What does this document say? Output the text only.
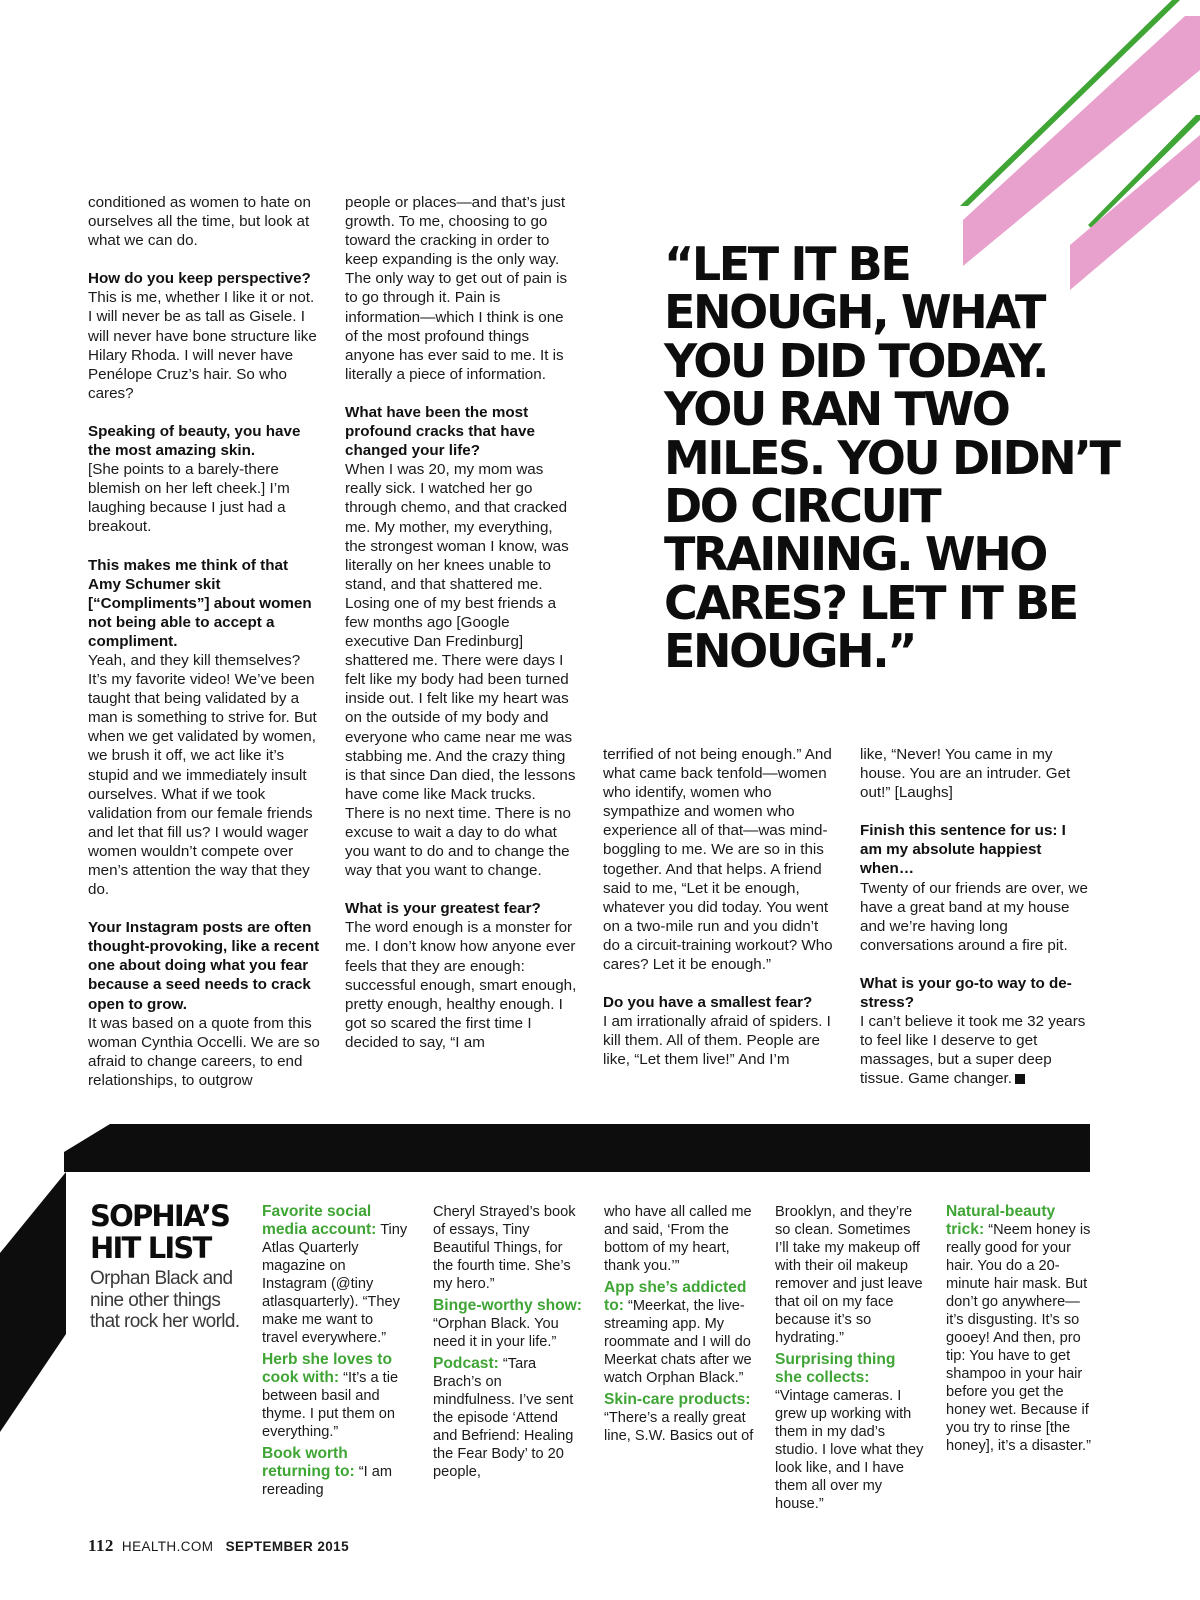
conditioned as women to hate on ourselves all the time, but look at what we can do.

How do you keep perspective?
This is me, whether I like it or not. I will never be as tall as Gisele. I will never have bone structure like Hilary Rhoda. I will never have Penélope Cruz’s hair. So who cares?

Speaking of beauty, you have the most amazing skin.
[She points to a barely-there blemish on her left cheek.] I’m laughing because I just had a breakout.

This makes me think of that Amy Schumer skit [“Compliments”] about women not being able to accept a compliment.
Yeah, and they kill themselves? It’s my favorite video! We’ve been taught that being validated by a man is something to strive for. But when we get validated by women, we brush it off, we act like it’s stupid and we immediately insult ourselves. What if we took validation from our female friends and let that fill us? I would wager women wouldn’t compete over men’s attention the way that they do.

Your Instagram posts are often thought-provoking, like a recent one about doing what you fear because a seed needs to crack open to grow.
It was based on a quote from this woman Cynthia Occelli. We are so afraid to change careers, to end relationships, to outgrow

people or places—and that’s just growth. To me, choosing to go toward the cracking in order to keep expanding is the only way. The only way to get out of pain is to go through it. Pain is information—which I think is one of the most profound things anyone has ever said to me. It is literally a piece of information.

What have been the most profound cracks that have changed your life?
When I was 20, my mom was really sick. I watched her go through chemo, and that cracked me. My mother, my everything, the strongest woman I know, was literally on her knees unable to stand, and that shattered me. Losing one of my best friends a few months ago [Google executive Dan Fredinburg] shattered me. There were days I felt like my body had been turned inside out. I felt like my heart was on the outside of my body and everyone who came near me was stabbing me. And the crazy thing is that since Dan died, the lessons have come like Mack trucks. There is no next time. There is no excuse to wait a day to do what you want to do and to change the way that you want to change.

What is your greatest fear?
The word enough is a monster for me. I don’t know how anyone ever feels that they are enough: successful enough, smart enough, pretty enough, healthy enough. I got so scared the first time I decided to say, “I am

terrified of not being enough.” And what came back tenfold—women who identify, women who sympathize and women who experience all of that—was mind-boggling to me. We are so in this together. And that helps. A friend said to me, “Let it be enough, whatever you did today. You went on a two-mile run and you didn’t do a circuit-training workout? Who cares? Let it be enough.”

Do you have a smallest fear?
I am irrationally afraid of spiders. I kill them. All of them. People are like, “Let them live!” And I’m

like, “Never! You came in my house. You are an intruder. Get out!” [Laughs]

Finish this sentence for us: I am my absolute happiest when…
Twenty of our friends are over, we have a great band at my house and we’re having long conversations around a fire pit.

What is your go-to way to de-stress?
I can’t believe it took me 32 years to feel like I deserve to get massages, but a super deep tissue. Game changer.

“LET IT BE ENOUGH, WHAT YOU DID TODAY. YOU RAN TWO MILES. YOU DIDN’T DO CIRCUIT TRAINING. WHO CARES? LET IT BE ENOUGH.”
SOPHIA’S HIT LIST
Orphan Black and nine other things that rock her world.

Favorite social media account: Tiny Atlas Quarterly magazine on Instagram (@tiny atlasquarterly). “They make me want to travel everywhere.”

Herb she loves to cook with: “It’s a tie between basil and thyme. I put them on everything.”

Book worth returning to: “I am rereading

Cheryl Strayed’s book of essays, Tiny Beautiful Things, for the fourth time. She’s my hero.”

Binge-worthy show: “Orphan Black. You need it in your life.”

Podcast: “Tara Brach’s on mindfulness. I’ve sent the episode ‘Attend and Befriend: Healing the Fear Body’ to 20 people,

who have all called me and said, ‘From the bottom of my heart, thank you.’”

App she’s addicted to: “Meerkat, the live-streaming app. My roommate and I will do Meerkat chats after we watch Orphan Black.”

Skin-care products: “There’s a really great line, S.W. Basics out of

Brooklyn, and they’re so clean. Sometimes I’ll take my makeup off with their oil makeup remover and just leave that oil on my face because it’s so hydrating.”

Surprising thing she collects: “Vintage cameras. I grew up working with them in my dad’s studio. I love what they look like, and I have them all over my house.”

Natural-beauty trick: “Neem honey is really good for your hair. You do a 20-minute hair mask. But don’t go anywhere—it’s disgusting. It’s so gooey! And then, pro tip: You have to get shampoo in your hair before you get the honey wet. Because if you try to rinse [the honey], it’s a disaster.”

112 HEALTH.COM SEPTEMBER 2015
